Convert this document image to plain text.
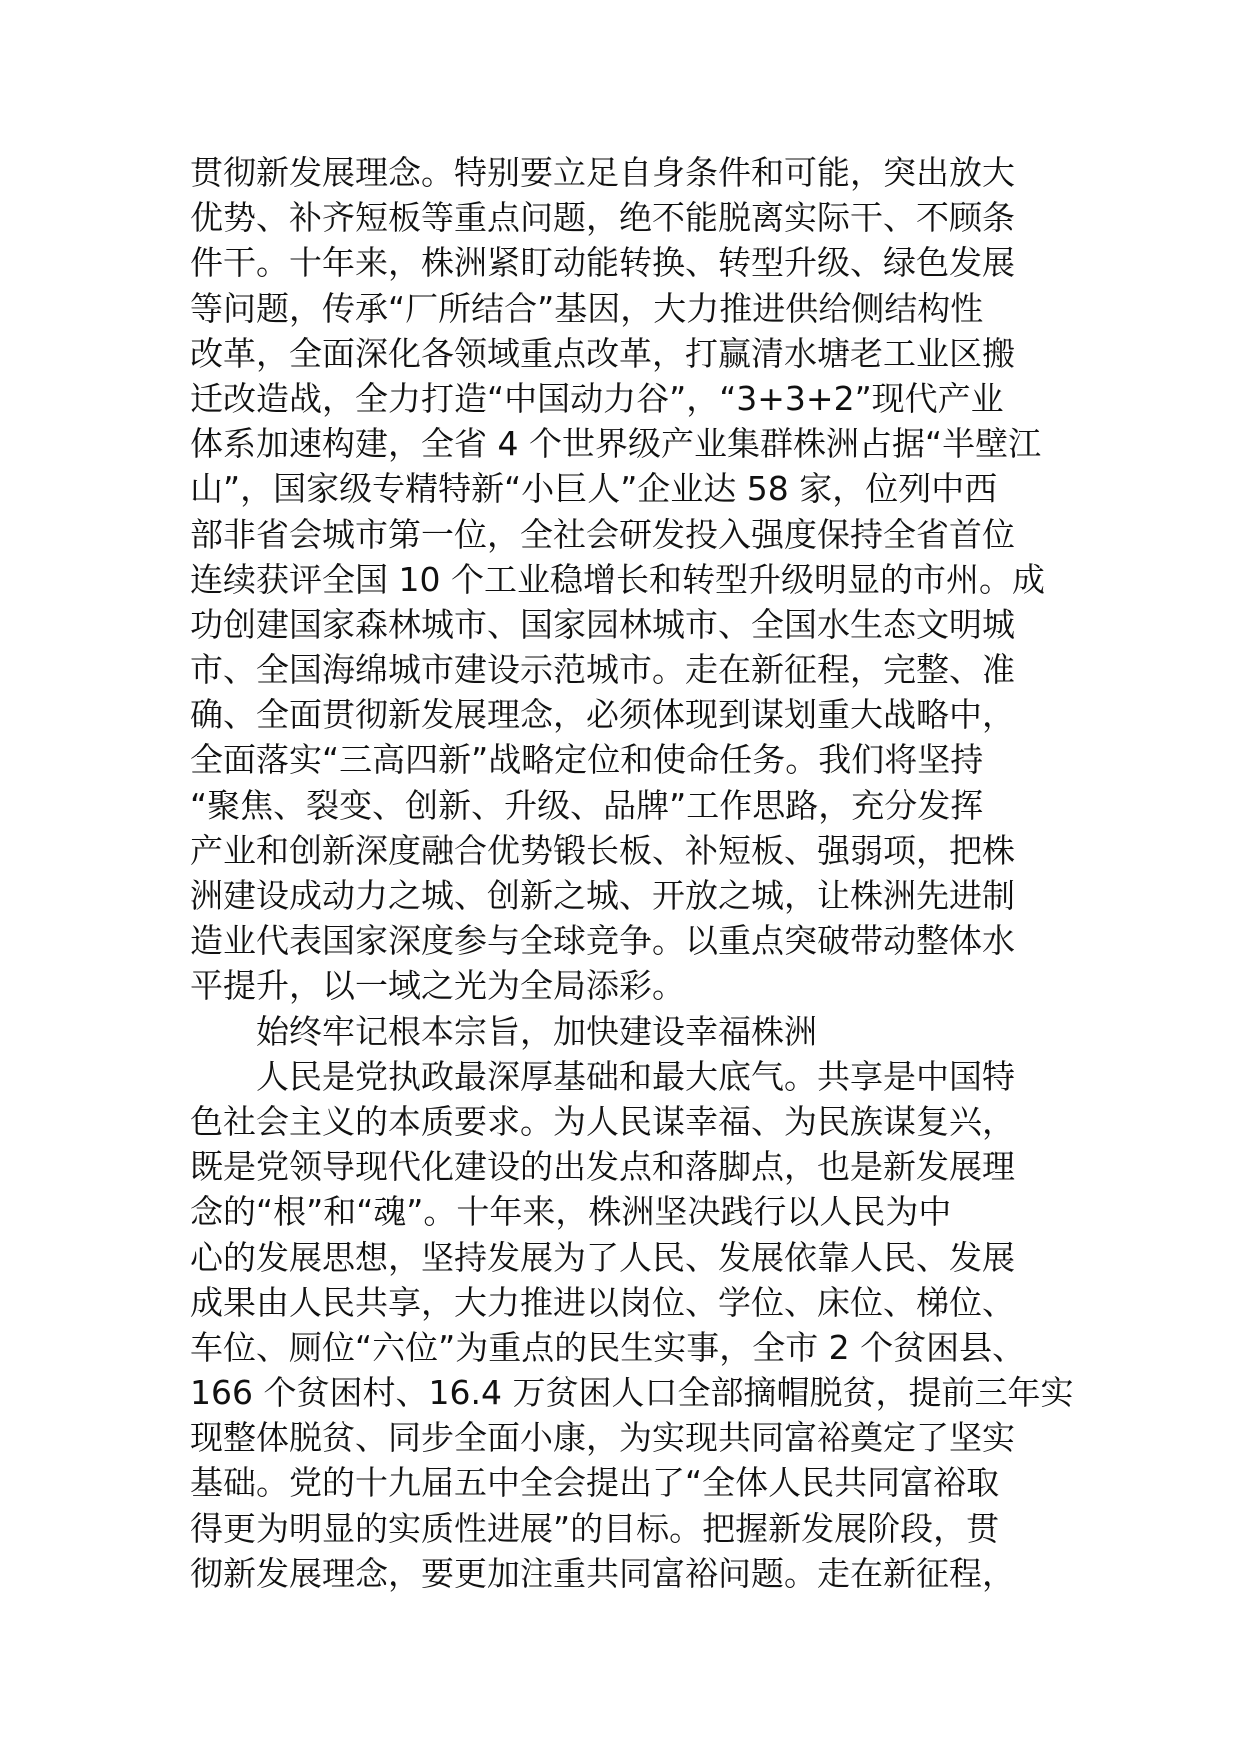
贯彻新发展理念。特别要立足自身条件和可能，突出放大
优势、补齐短板等重点问题，绝不能脱离实际干、不顾条
件干。十年来，株洲紧盯动能转换、转型升级、绿色发展
等问题，传承“厂所结合”基因，大力推进供给侧结构性
改革，全面深化各领域重点改革，打赢清水塘老工业区搬
迁改造战，全力打造“中国动力谷”，“3+3+2”现代产业
体系加速构建，全省 4 个世界级产业集群株洲占据“半壁江
山”，国家级专精特新“小巨人”企业达 58 家，位列中西
部非省会城市第一位，全社会研发投入强度保持全省首位
连续获评全国 10 个工业稳增长和转型升级明显的市州。成
功创建国家森林城市、国家园林城市、全国水生态文明城
市、全国海绵城市建设示范城市。走在新征程，完整、准
确、全面贯彻新发展理念，必须体现到谋划重大战略中，
全面落实“三高四新”战略定位和使命任务。我们将坚持
“聚焦、裂变、创新、升级、品牌”工作思路，充分发挥
产业和创新深度融合优势锻长板、补短板、强弱项，把株
洲建设成动力之城、创新之城、开放之城，让株洲先进制
造业代表国家深度参与全球竞争。以重点突破带动整体水
平提升，以一域之光为全局添彩。
始终牢记根本宗旨，加快建设幸福株洲
人民是党执政最深厚基础和最大底气。共享是中国特
色社会主义的本质要求。为人民谋幸福、为民族谋复兴，
既是党领导现代化建设的出发点和落脚点，也是新发展理
念的“根”和“魂”。十年来，株洲坚决践行以人民为中
心的发展思想，坚持发展为了人民、发展依靠人民、发展
成果由人民共享，大力推进以岗位、学位、床位、梯位、
车位、厕位“六位”为重点的民生实事，全市 2 个贫困县、
166 个贫困村、16.4 万贫困人口全部摘帽脱贫，提前三年实
现整体脱贫、同步全面小康，为实现共同富裕奠定了坚实
基础。党的十九届五中全会提出了“全体人民共同富裕取
得更为明显的实质性进展”的目标。把握新发展阶段，贯
彻新发展理念，要更加注重共同富裕问题。走在新征程，
